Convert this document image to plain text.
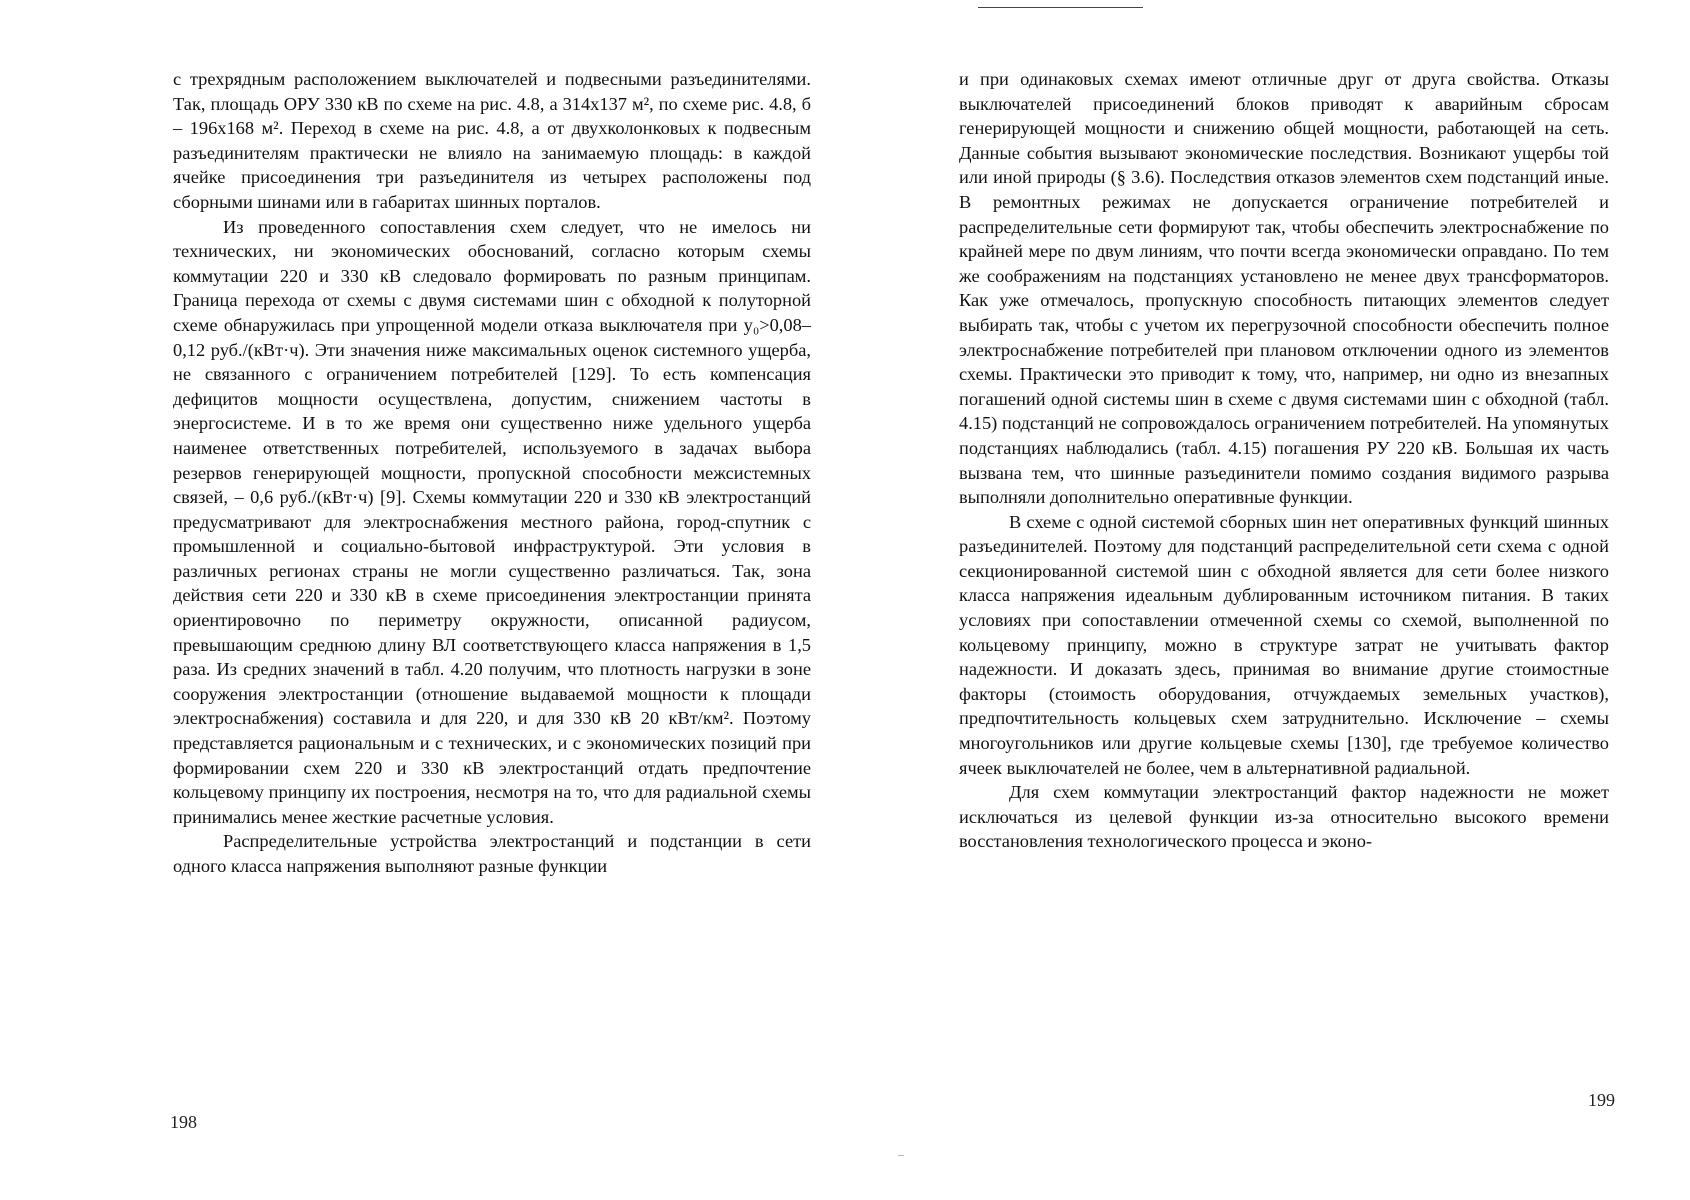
с трехрядным расположением выключателей и подвесными разъединителями. Так, площадь ОРУ 330 кВ по схеме на рис. 4.8, а 314х137 м², по схеме рис. 4.8, б – 196х168 м². Переход в схеме на рис. 4.8, а от двухколонковых к подвесным разъединителям практически не влияло на занимаемую площадь: в каждой ячейке присоединения три разъединителя из четырех расположены под сборными шинами или в габаритах шинных порталов.

Из проведенного сопоставления схем следует, что не имелось ни технических, ни экономических обоснований, согласно которым схемы коммутации 220 и 330 кВ следовало формировать по разным принципам. Граница перехода от схемы с двумя системами шин с обходной к полуторной схеме обнаружилась при упрощенной модели отказа выключателя при y₀>0,08–0,12 руб./(кВт·ч). Эти значения ниже максимальных оценок системного ущерба, не связанного с ограничением потребителей [129]. То есть компенсация дефицитов мощности осуществлена, допустим, снижением частоты в энергосистеме. И в то же время они существенно ниже удельного ущерба наименее ответственных потребителей, используемого в задачах выбора резервов генерирующей мощности, пропускной способности межсистемных связей, – 0,6 руб./(кВт·ч) [9]. Схемы коммутации 220 и 330 кВ электростанций предусматривают для электроснабжения местного района, город-спутник с промышленной и социально-бытовой инфраструктурой. Эти условия в различных регионах страны не могли существенно различаться. Так, зона действия сети 220 и 330 кВ в схеме присоединения электростанции принята ориентировочно по периметру окружности, описанной радиусом, превышающим среднюю длину ВЛ соответствующего класса напряжения в 1,5 раза. Из средних значений в табл. 4.20 получим, что плотность нагрузки в зоне сооружения электростанции (отношение выдаваемой мощности к площади электроснабжения) составила и для 220, и для 330 кВ 20 кВт/км². Поэтому представляется рациональным и с технических, и с экономических позиций при формировании схем 220 и 330 кВ электростанций отдать предпочтение кольцевому принципу их построения, несмотря на то, что для радиальной схемы принимались менее жесткие расчетные условия.

Распределительные устройства электростанций и подстанции в сети одного класса напряжения выполняют разные функции

198

и при одинаковых схемах имеют отличные друг от друга свойства. Отказы выключателей присоединений блоков приводят к аварийным сбросам генерирующей мощности и снижению общей мощности, работающей на сеть. Данные события вызывают экономические последствия. Возникают ущербы той или иной природы (§ 3.6). Последствия отказов элементов схем подстанций иные. В ремонтных режимах не допускается ограничение потребителей и распределительные сети формируют так, чтобы обеспечить электроснабжение по крайней мере по двум линиям, что почти всегда экономически оправдано. По тем же соображениям на подстанциях установлено не менее двух трансформаторов. Как уже отмечалось, пропускную способность питающих элементов следует выбирать так, чтобы с учетом их перегрузочной способности обеспечить полное электроснабжение потребителей при плановом отключении одного из элементов схемы. Практически это приводит к тому, что, например, ни одно из внезапных погашений одной системы шин в схеме с двумя системами шин с обходной (табл. 4.15) подстанций не сопровождалось ограничением потребителей. На упомянутых подстанциях наблюдались (табл. 4.15) погашения РУ 220 кВ. Большая их часть вызвана тем, что шинные разъединители помимо создания видимого разрыва выполняли дополнительно оперативные функции.

В схеме с одной системой сборных шин нет оперативных функций шинных разъединителей. Поэтому для подстанций распределительной сети схема с одной секционированной системой шин с обходной является для сети более низкого класса напряжения идеальным дублированным источником питания. В таких условиях при сопоставлении отмеченной схемы со схемой, выполненной по кольцевому принципу, можно в структуре затрат не учитывать фактор надежности. И доказать здесь, принимая во внимание другие стоимостные факторы (стоимость оборудования, отчуждаемых земельных участков), предпочтительность кольцевых схем затруднительно. Исключение – схемы многоугольников или другие кольцевые схемы [130], где требуемое количество ячеек выключателей не более, чем в альтернативной радиальной.

Для схем коммутации электростанций фактор надежности не может исключаться из целевой функции из-за относительно высокого времени восстановления технологического процесса и эконо-

199
